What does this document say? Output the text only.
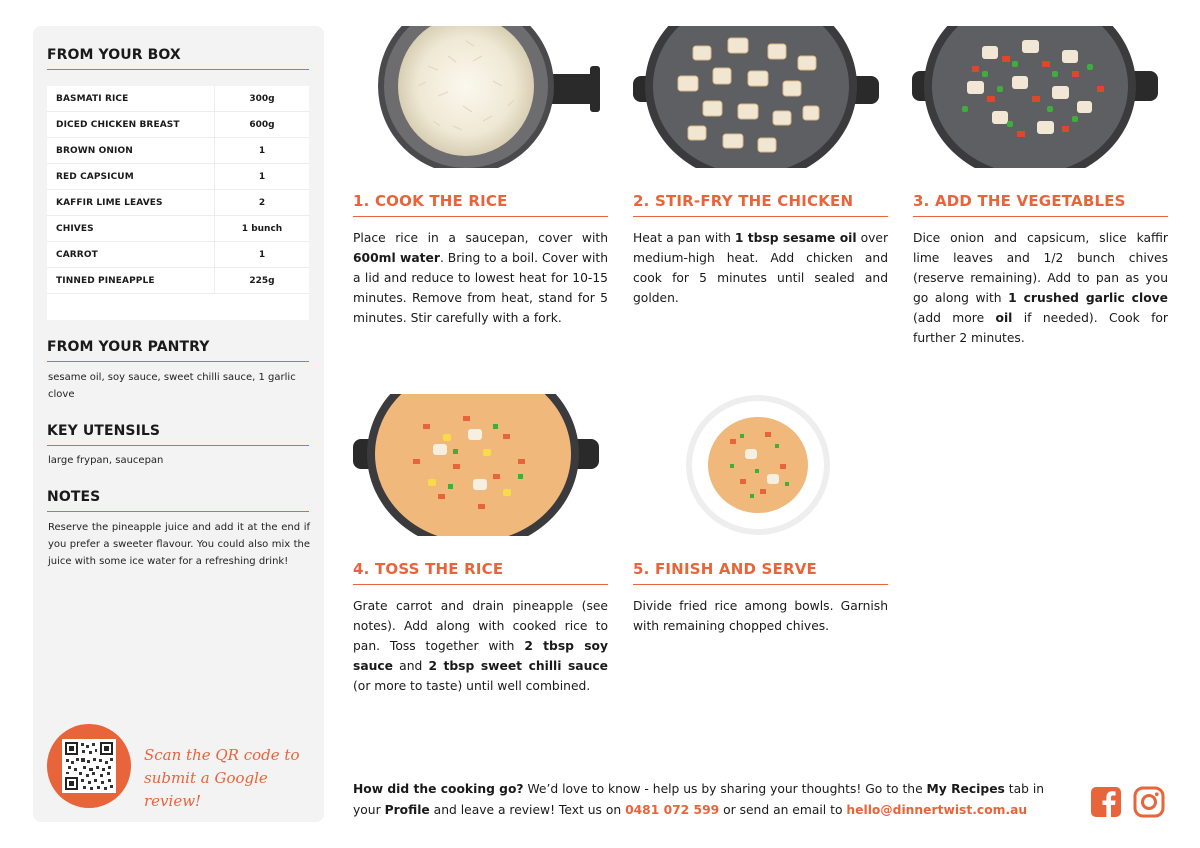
FROM YOUR BOX
BASMATI RICE	300g
DICED CHICKEN BREAST	600g
BROWN ONION	1
RED CAPSICUM	1
KAFFIR LIME LEAVES	2
CHIVES	1 bunch
CARROT	1
TINNED PINEAPPLE	225g
FROM YOUR PANTRY
sesame oil, soy sauce, sweet chilli sauce, 1 garlic clove
KEY UTENSILS
large frypan, saucepan
NOTES
Reserve the pineapple juice and add it at the end if you prefer a sweeter flavour. You could also mix the juice with some ice water for a refreshing drink!
Scan the QR code to
submit a Google review!
1. COOK THE RICE
Place rice in a saucepan, cover with 600ml water. Bring to a boil. Cover with a lid and reduce to lowest heat for 10-15 minutes. Remove from heat, stand for 5 minutes. Stir carefully with a fork.
2. STIR-FRY THE CHICKEN
Heat a pan with 1 tbsp sesame oil over medium-high heat. Add chicken and cook for 5 minutes until sealed and golden.
3. ADD THE VEGETABLES
Dice onion and capsicum, slice kaffir lime leaves and 1/2 bunch chives (reserve remaining). Add to pan as you go along with 1 crushed garlic clove (add more oil if needed). Cook for further 2 minutes.
4. TOSS THE RICE
Grate carrot and drain pineapple (see notes). Add along with cooked rice to pan. Toss together with 2 tbsp soy sauce and 2 tbsp sweet chilli sauce (or more to taste) until well combined.
5. FINISH AND SERVE
Divide fried rice among bowls. Garnish with remaining chopped chives.
How did the cooking go? We’d love to know - help us by sharing your thoughts! Go to the My Recipes tab in your Profile and leave a review! Text us on 0481 072 599 or send an email to hello@dinnertwist.com.au
